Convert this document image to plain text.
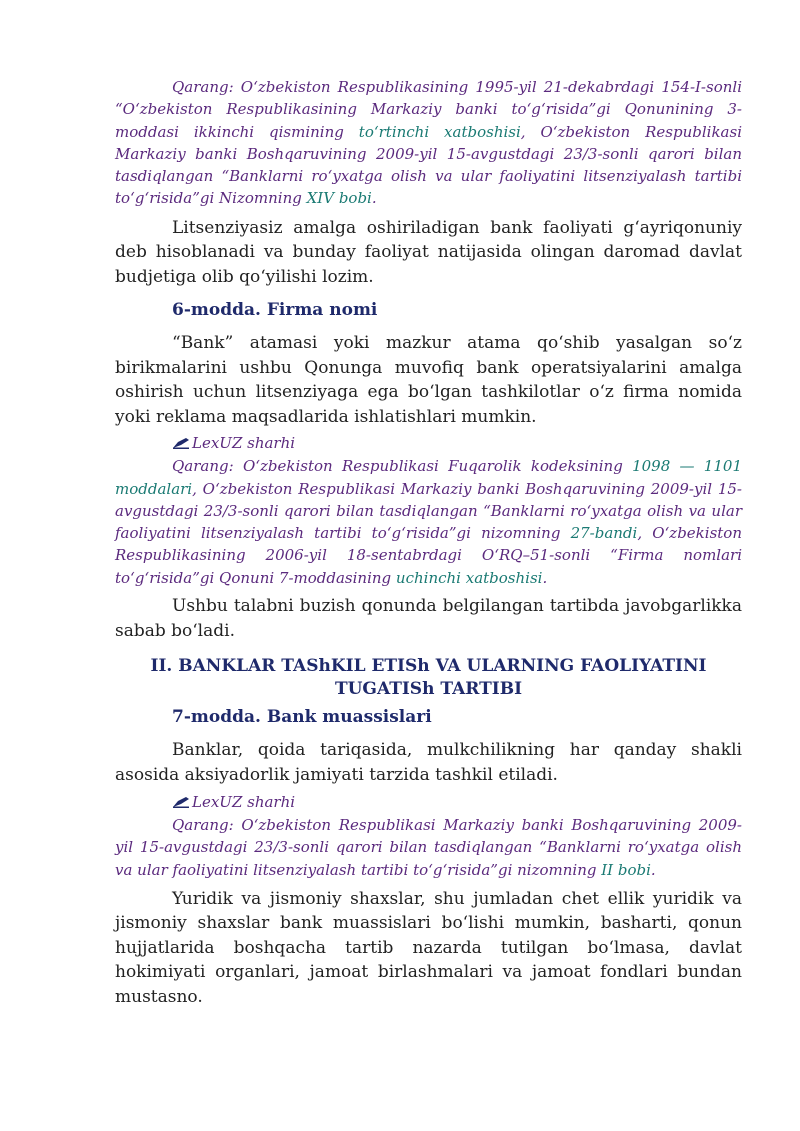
Qarang: O‘zbekiston Respublikasining 1995-yil 21-dekabrdagi 154-I-sonli “O‘zbekiston Respublikasining Markaziy banki to‘g‘risida”gi Qonunining 3-moddasi ikkinchi qismining to‘rtinchi xatboshisi, O‘zbekiston Respublikasi Markaziy banki Boshqaruvining 2009-yil 15-avgustdagi 23/3-sonli qarori bilan tasdiqlangan “Banklarni ro‘yxatga olish va ular faoliyatini litsenziyalash tartibi to‘g‘risida”gi Nizomning XIV bobi.

Litsenziyasiz amalga oshiriladigan bank faoliyati g‘ayriqonuniy deb hisoblanadi va bunday faoliyat natijasida olingan daromad davlat budjetiga olib qo‘yilishi lozim.

6-modda. Firma nomi

“Bank” atamasi yoki mazkur atama qo‘shib yasalgan so‘z birikmalarini ushbu Qonunga muvofiq bank operatsiyalarini amalga oshirish uchun litsenziyaga ega bo‘lgan tashkilotlar o‘z firma nomida yoki reklama maqsadlarida ishlatishlari mumkin.

LexUZ sharhi

Qarang: O‘zbekiston Respublikasi Fuqarolik kodeksining 1098 — 1101 moddalari, O‘zbekiston Respublikasi Markaziy banki Boshqaruvining 2009-yil 15-avgustdagi 23/3-sonli qarori bilan tasdiqlangan “Banklarni ro‘yxatga olish va ular faoliyatini litsenziyalash tartibi to‘g‘risida”gi nizomning 27-bandi, O‘zbekiston Respublikasining 2006-yil 18-sentabrdagi O‘RQ–51-sonli “Firma nomlari to‘g‘risida”gi Qonuni 7-moddasining uchinchi xatboshisi.

Ushbu talabni buzish qonunda belgilangan tartibda javobgarlikka sabab bo‘ladi.

II. BANKLAR TAShKIL ETISh VA ULARNING FAOLIYATINI TUGATISh TARTIBI
7-modda. Bank muassislari

Banklar, qoida tariqasida, mulkchilikning har qanday shakli asosida aksiyadorlik jamiyati tarzida tashkil etiladi.

LexUZ sharhi

Qarang: O‘zbekiston Respublikasi Markaziy banki Boshqaruvining 2009-yil 15-avgustdagi 23/3-sonli qarori bilan tasdiqlangan “Banklarni ro‘yxatga olish va ular faoliyatini litsenziyalash tartibi to‘g‘risida”gi nizomning II bobi.

Yuridik va jismoniy shaxslar, shu jumladan chet ellik yuridik va jismoniy shaxslar bank muassislari bo‘lishi mumkin, basharti, qonun hujjatlarida boshqacha tartib nazarda tutilgan bo‘lmasa, davlat hokimiyati organlari, jamoat birlashmalari va jamoat fondlari bundan mustasno.
